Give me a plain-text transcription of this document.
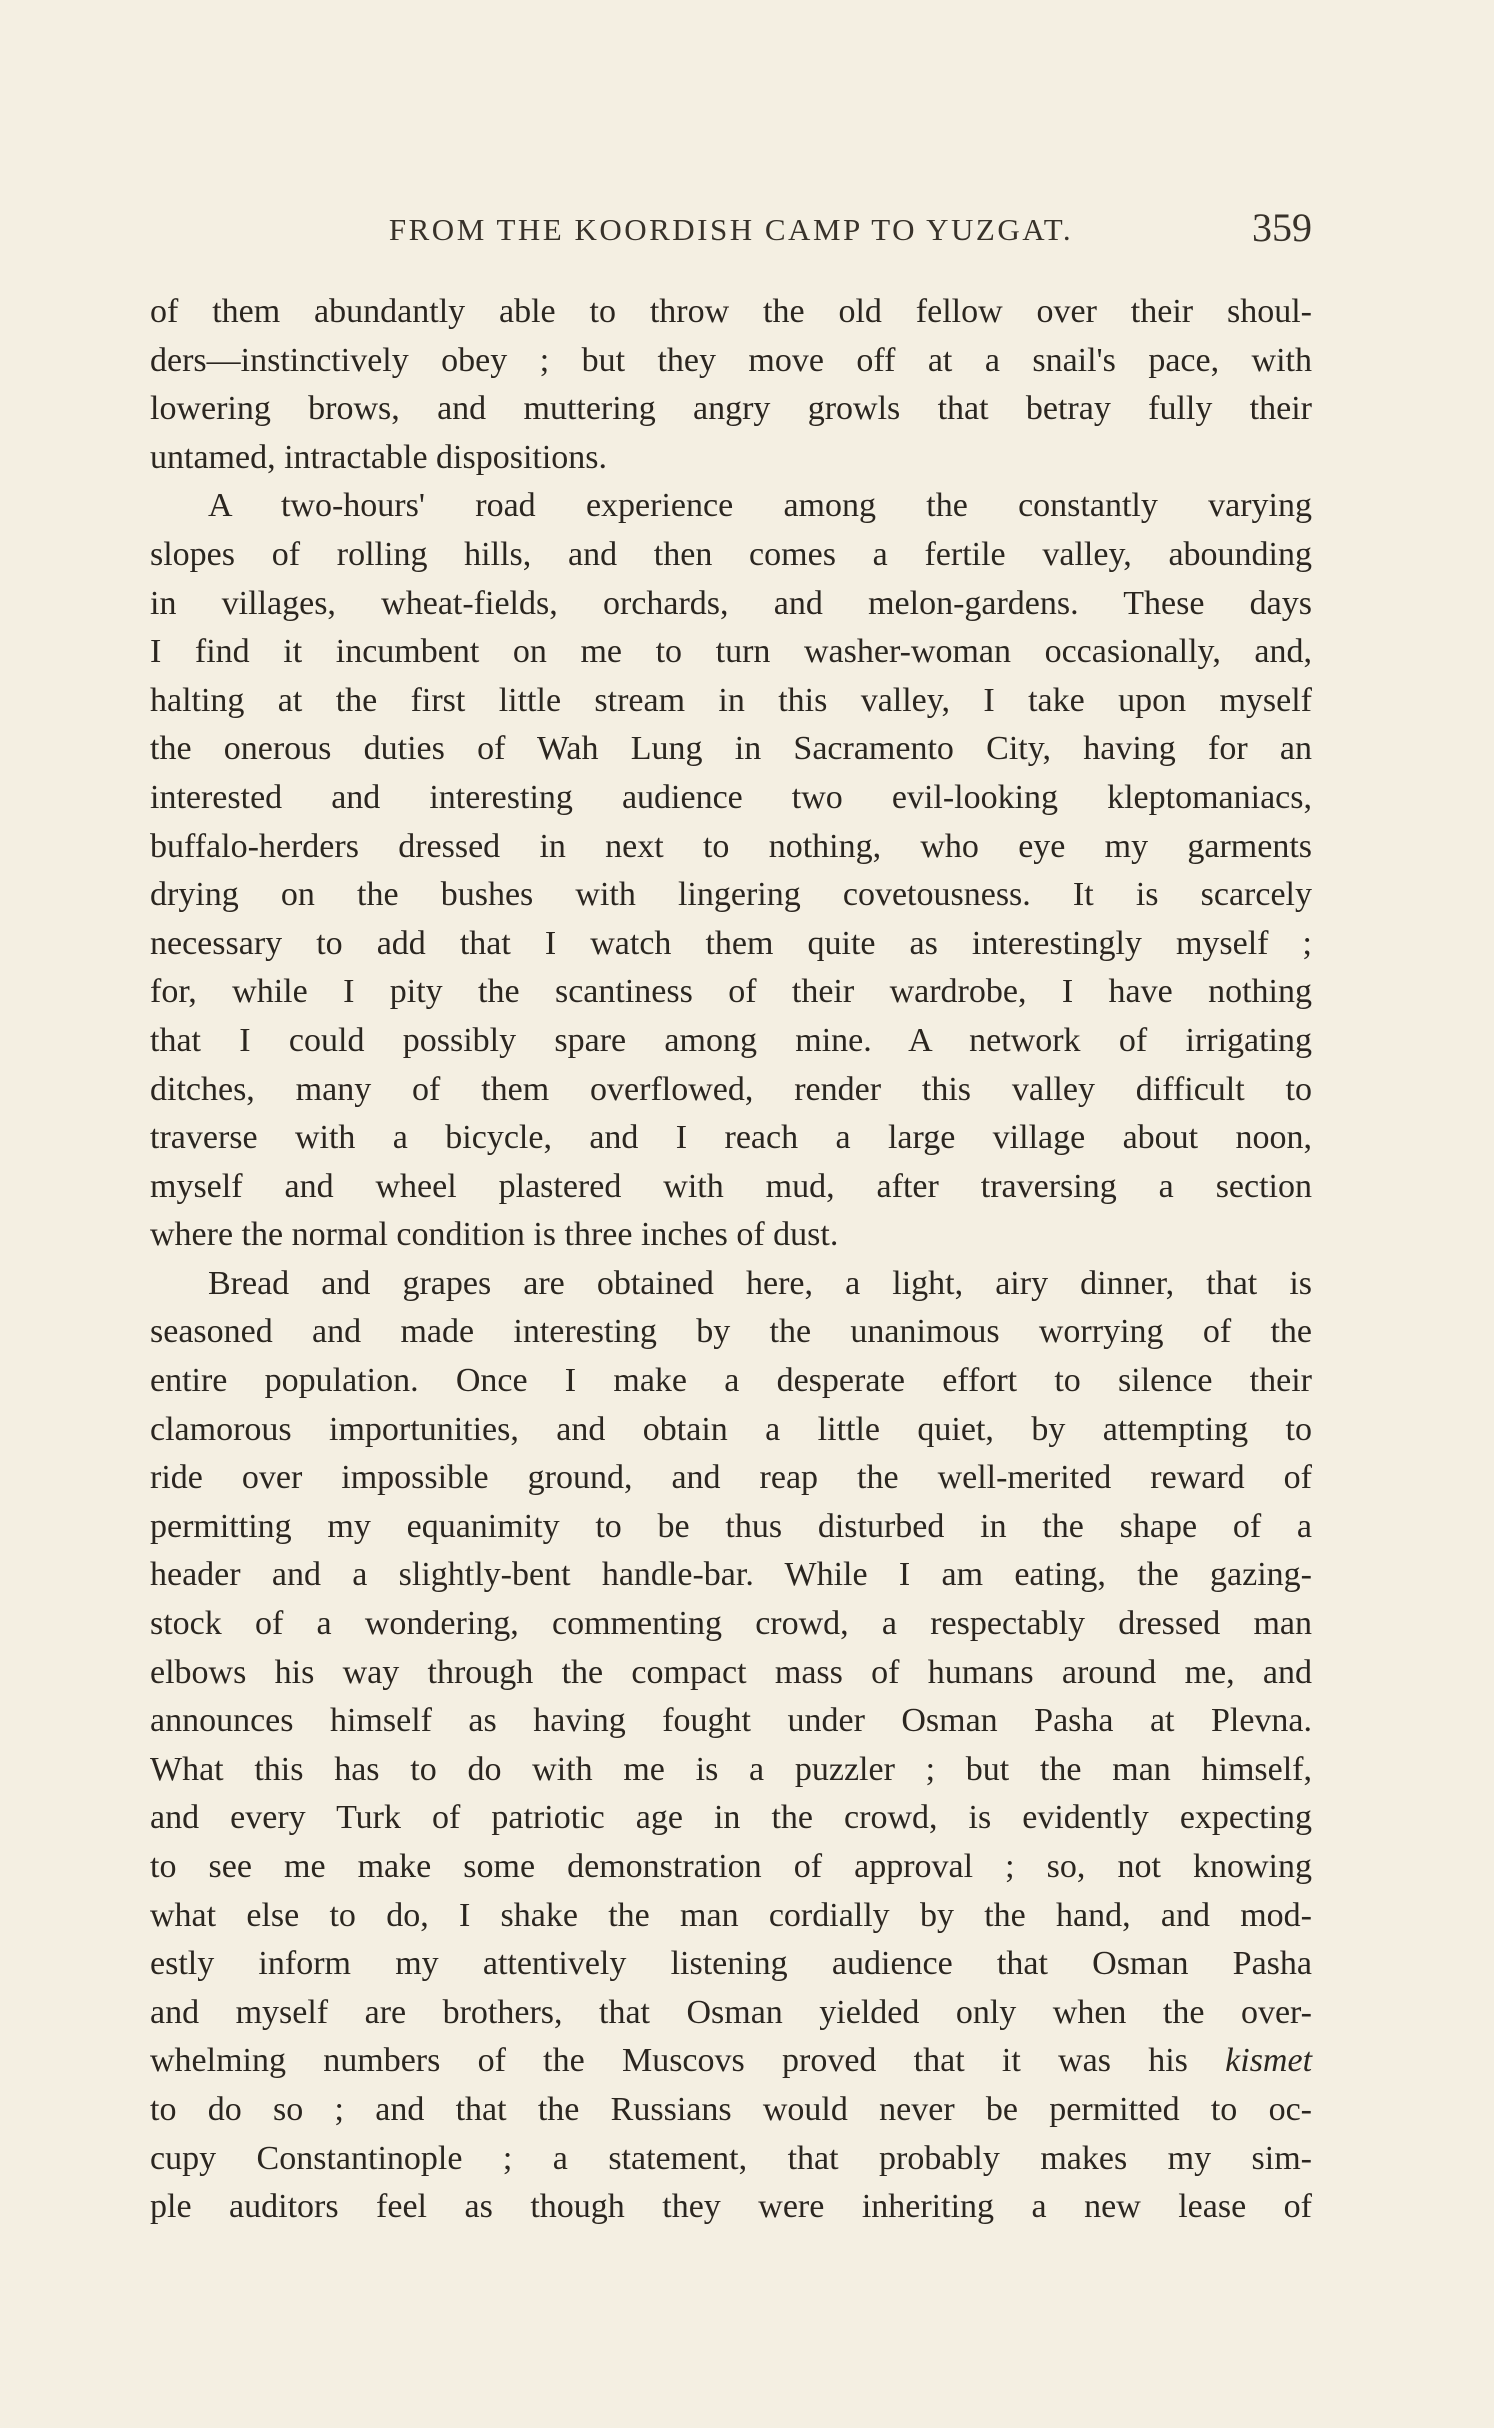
FROM THE KOORDISH CAMP TO YUZGAT.	359
of them abundantly able to throw the old fellow over their shoul-
ders—instinctively obey ; but they move off at a snail's pace, with
lowering brows, and muttering angry growls that betray fully their
untamed, intractable dispositions.
A two-hours' road experience among the constantly varying
slopes of rolling hills, and then comes a fertile valley, abounding
in villages, wheat-fields, orchards, and melon-gardens. These days
I find it incumbent on me to turn washer-woman occasionally, and,
halting at the first little stream in this valley, I take upon myself
the onerous duties of Wah Lung in Sacramento City, having for an
interested and interesting audience two evil-looking kleptomaniacs,
buffalo-herders dressed in next to nothing, who eye my garments
drying on the bushes with lingering covetousness. It is scarcely
necessary to add that I watch them quite as interestingly myself ;
for, while I pity the scantiness of their wardrobe, I have nothing
that I could possibly spare among mine. A network of irrigating
ditches, many of them overflowed, render this valley difficult to
traverse with a bicycle, and I reach a large village about noon,
myself and wheel plastered with mud, after traversing a section
where the normal condition is three inches of dust.
Bread and grapes are obtained here, a light, airy dinner, that is
seasoned and made interesting by the unanimous worrying of the
entire population. Once I make a desperate effort to silence their
clamorous importunities, and obtain a little quiet, by attempting to
ride over impossible ground, and reap the well-merited reward of
permitting my equanimity to be thus disturbed in the shape of a
header and a slightly-bent handle-bar. While I am eating, the gazing-
stock of a wondering, commenting crowd, a respectably dressed man
elbows his way through the compact mass of humans around me, and
announces himself as having fought under Osman Pasha at Plevna.
What this has to do with me is a puzzler ; but the man himself,
and every Turk of patriotic age in the crowd, is evidently expecting
to see me make some demonstration of approval ; so, not knowing
what else to do, I shake the man cordially by the hand, and mod-
estly inform my attentively listening audience that Osman Pasha
and myself are brothers, that Osman yielded only when the over-
whelming numbers of the Muscovs proved that it was his kismet
to do so ; and that the Russians would never be permitted to oc-
cupy Constantinople ; a statement, that probably makes my sim-
ple auditors feel as though they were inheriting a new lease of
